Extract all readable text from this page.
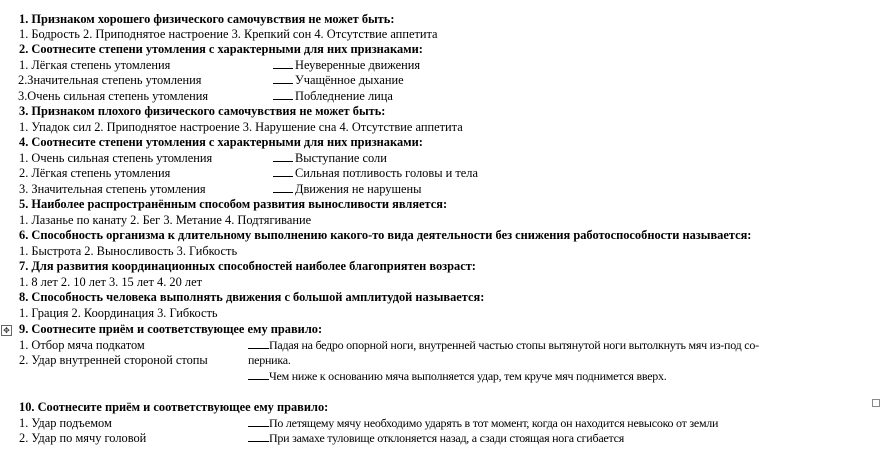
1. Признаком хорошего физического самочувствия не может быть:
1. Бодрость 2. Приподнятое настроение 3. Крепкий сон 4. Отсутствие аппетита
2. Соотнесите степени утомления с характерными для них признаками:
1. Лёгкая степень утомления
2.Значительная степень утомления
3.Очень сильная степень утомления
Неуверенные движения
Учащённое дыхание
Побледнение лица
3. Признаком плохого физического самочувствия не может быть:
1. Упадок сил 2. Приподнятое настроение 3. Нарушение сна 4. Отсутствие аппетита
4. Соотнесите степени утомления с характерными для них признаками:
1. Очень сильная степень утомления
2. Лёгкая степень утомления
3. Значительная степень утомления
Выступание соли
Сильная потливость головы и тела
Движения не нарушены
5. Наиболее распространённым способом развития выносливости является:
1. Лазанье по канату 2. Бег 3. Метание 4. Подтягивание
6. Способность организма к длительному выполнению какого-то вида деятельности без снижения работоспособности называется:
1. Быстрота 2. Выносливость 3. Гибкость
7. Для развития координационных способностей наиболее благоприятен возраст:
1. 8 лет 2. 10 лет 3. 15 лет 4. 20 лет
8. Способность человека выполнять движения с большой амплитудой называется:
1. Грация 2. Координация 3. Гибкость
✥ 9. Соотнесите приём и соответствующее ему правило:
1. Отбор мяча подкатом
2. Удар внутренней стороной стопы
Падая на бедро опорной ноги, внутренней частью стопы вытянутой ноги вытолкнуть мяч из-под со-
перника.
Чем ниже к основанию мяча выполняется удар, тем круче мяч поднимется вверх.
10. Соотнесите приём и соответствующее ему правило:
1. Удар подъемом
2. Удар по мячу головой
По летящему мячу необходимо ударять в тот момент, когда он находится невысоко от земли
При замахе туловище отклоняется назад, а сзади стоящая нога сгибается
